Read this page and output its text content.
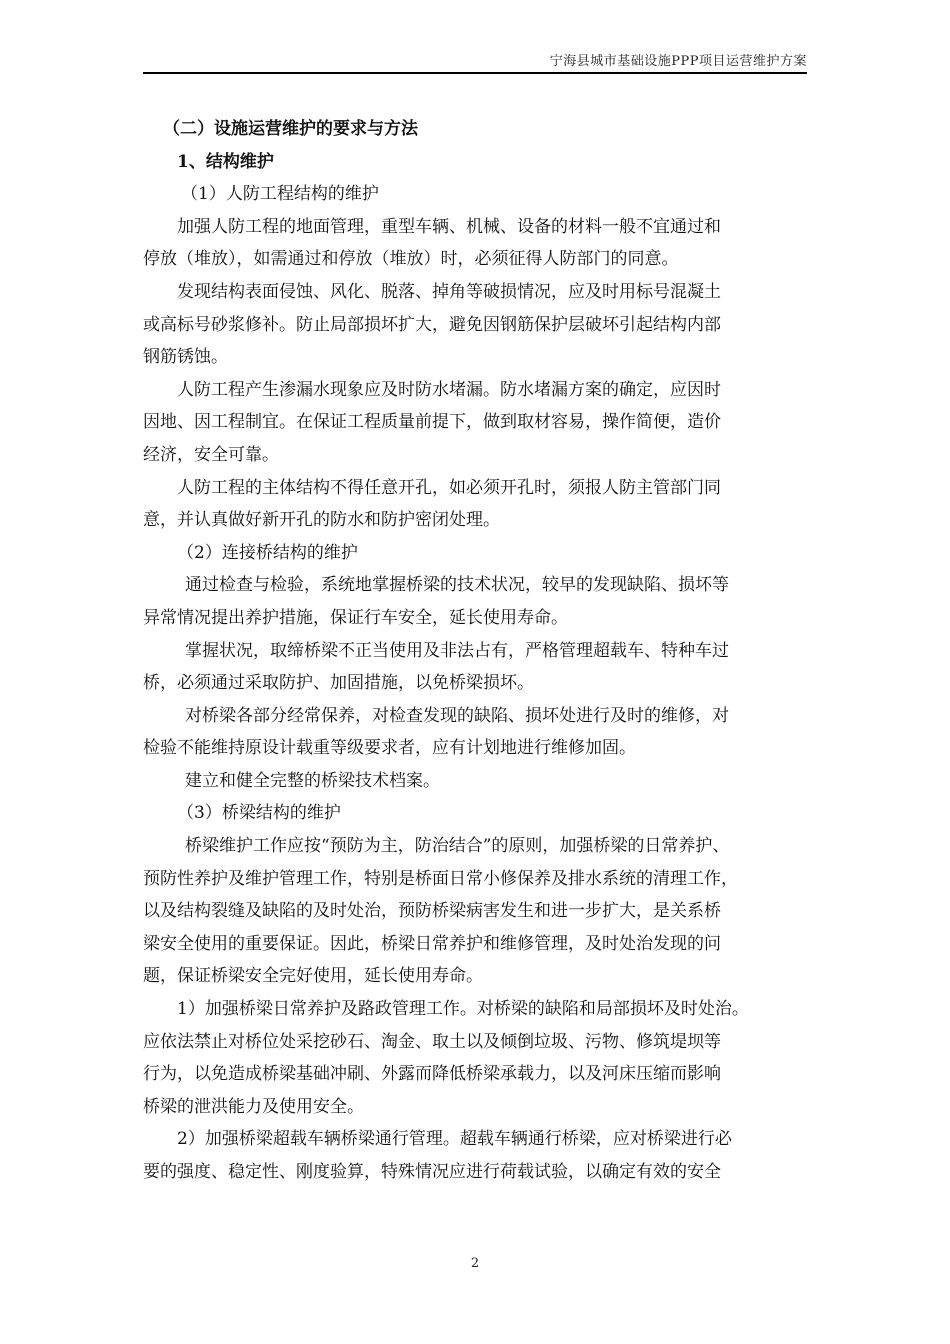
宁海县城市基础设施PPP项目运营维护方案
（二）设施运营维护的要求与方法
1、结构维护
（1）人防工程结构的维护
加强人防工程的地面管理，重型车辆、机械、设备的材料一般不宜通过和
停放（堆放），如需通过和停放（堆放）时，必须征得人防部门的同意。
发现结构表面侵蚀、风化、脱落、掉角等破损情况，应及时用标号混凝土
或高标号砂浆修补。防止局部损坏扩大，避免因钢筋保护层破坏引起结构内部
钢筋锈蚀。
人防工程产生渗漏水现象应及时防水堵漏。防水堵漏方案的确定，应因时
因地、因工程制宜。在保证工程质量前提下，做到取材容易，操作简便，造价
经济，安全可靠。
人防工程的主体结构不得任意开孔，如必须开孔时，须报人防主管部门同
意，并认真做好新开孔的防水和防护密闭处理。
（2）连接桥结构的维护
通过检查与检验，系统地掌握桥梁的技术状况，较早的发现缺陷、损坏等
异常情况提出养护措施，保证行车安全，延长使用寿命。
掌握状况，取缔桥梁不正当使用及非法占有，严格管理超载车、特种车过
桥，必须通过采取防护、加固措施，以免桥梁损坏。
对桥梁各部分经常保养，对检查发现的缺陷、损坏处进行及时的维修，对
检验不能维持原设计载重等级要求者，应有计划地进行维修加固。
建立和健全完整的桥梁技术档案。
（3）桥梁结构的维护
桥梁维护工作应按“预防为主，防治结合”的原则，加强桥梁的日常养护、
预防性养护及维护管理工作，特别是桥面日常小修保养及排水系统的清理工作，
以及结构裂缝及缺陷的及时处治，预防桥梁病害发生和进一步扩大，是关系桥
梁安全使用的重要保证。因此，桥梁日常养护和维修管理，及时处治发现的问
题，保证桥梁安全完好使用，延长使用寿命。
1）加强桥梁日常养护及路政管理工作。对桥梁的缺陷和局部损坏及时处治。
应依法禁止对桥位处采挖砂石、淘金、取土以及倾倒垃圾、污物、修筑堤坝等
行为，以免造成桥梁基础冲刷、外露而降低桥梁承载力，以及河床压缩而影响
桥梁的泄洪能力及使用安全。
2）加强桥梁超载车辆桥梁通行管理。超载车辆通行桥梁，应对桥梁进行必
要的强度、稳定性、刚度验算，特殊情况应进行荷载试验，以确定有效的安全
2
